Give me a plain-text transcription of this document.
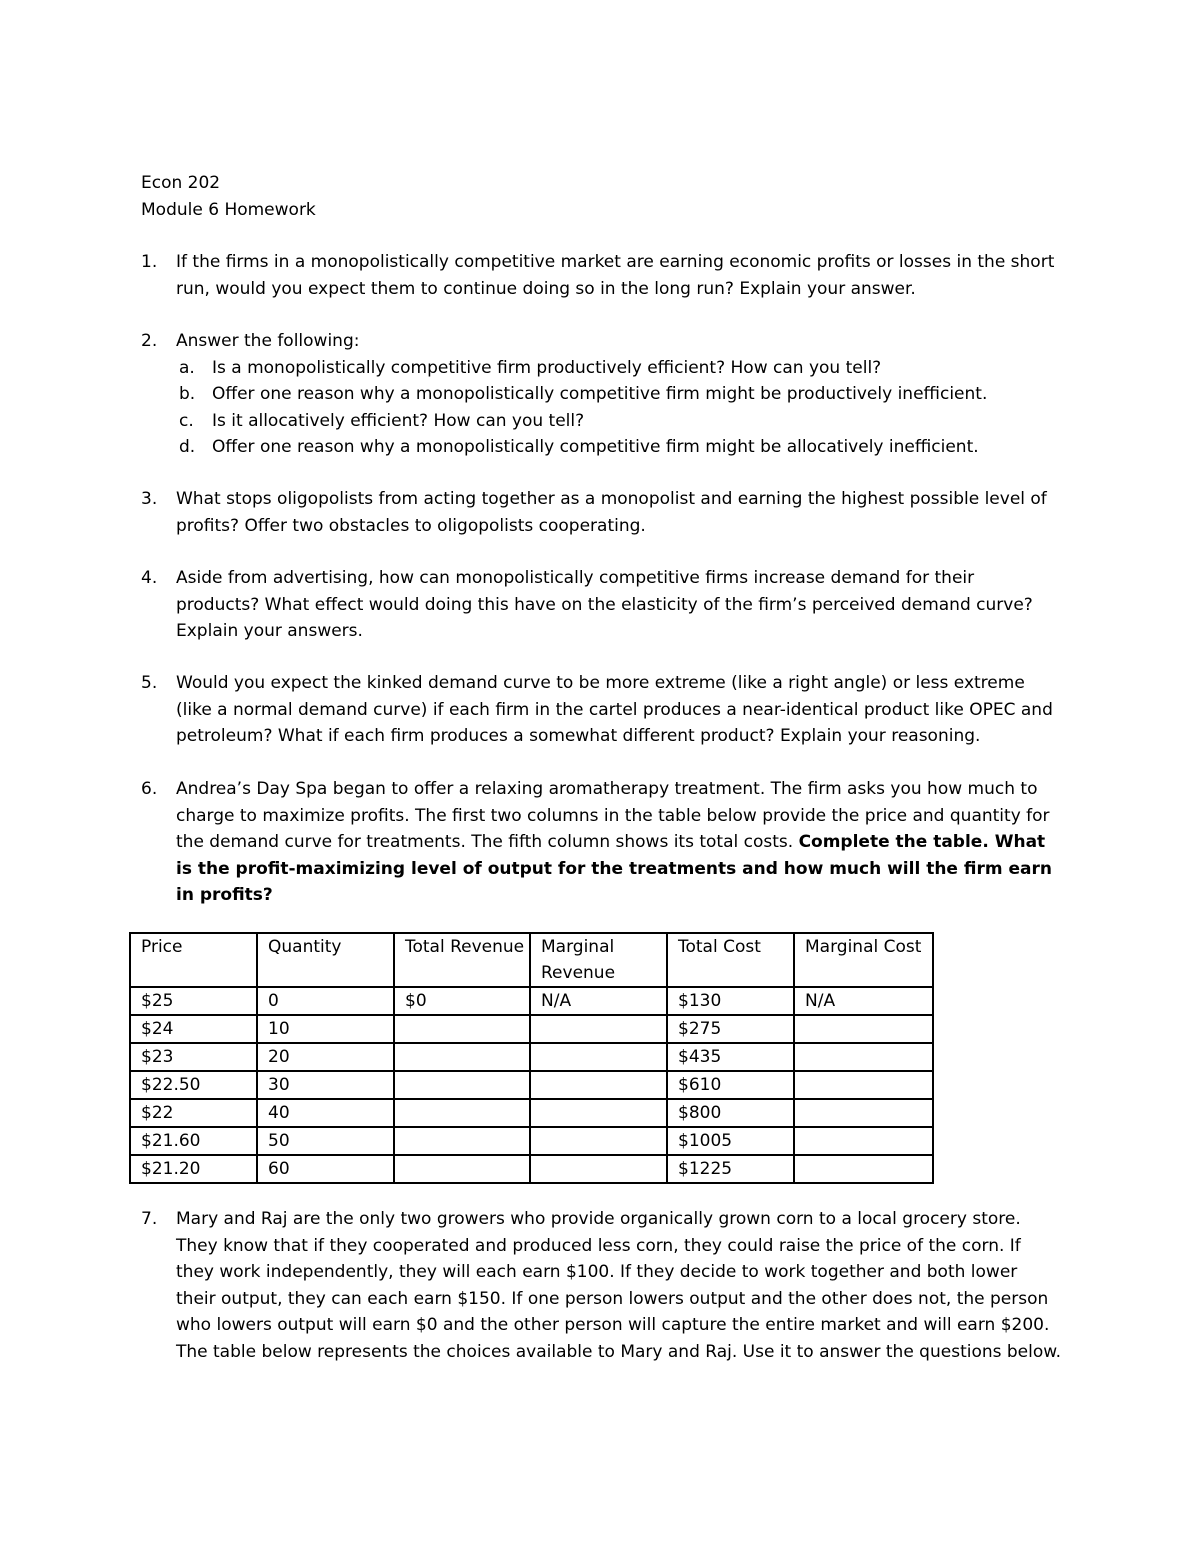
Econ 202
Module 6 Homework
1.	If the firms in a monopolistically competitive market are earning economic profits or losses in the short run, would you expect them to continue doing so in the long run? Explain your answer.
2.	Answer the following:
a. Is a monopolistically competitive firm productively efficient? How can you tell?
b. Offer one reason why a monopolistically competitive firm might be productively inefficient.
c. Is it allocatively efficient? How can you tell?
d. Offer one reason why a monopolistically competitive firm might be allocatively inefficient.
3.	What stops oligopolists from acting together as a monopolist and earning the highest possible level of profits? Offer two obstacles to oligopolists cooperating.
4.	Aside from advertising, how can monopolistically competitive firms increase demand for their products? What effect would doing this have on the elasticity of the firm’s perceived demand curve? Explain your answers.
5.	Would you expect the kinked demand curve to be more extreme (like a right angle) or less extreme (like a normal demand curve) if each firm in the cartel produces a near-identical product like OPEC and petroleum? What if each firm produces a somewhat different product? Explain your reasoning.
6.	Andrea’s Day Spa began to offer a relaxing aromatherapy treatment. The firm asks you how much to charge to maximize profits. The first two columns in the table below provide the price and quantity for the demand curve for treatments. The fifth column shows its total costs. Complete the table. What is the profit-maximizing level of output for the treatments and how much will the firm earn in profits?
Price	Quantity	Total Revenue	Marginal Revenue	Total Cost	Marginal Cost
$25	0	$0	N/A	$130	N/A
$24	10			$275	
$23	20			$435	
$22.50	30			$610	
$22	40			$800	
$21.60	50			$1005	
$21.20	60			$1225	
7.	Mary and Raj are the only two growers who provide organically grown corn to a local grocery store. They know that if they cooperated and produced less corn, they could raise the price of the corn. If they work independently, they will each earn $100. If they decide to work together and both lower their output, they can each earn $150. If one person lowers output and the other does not, the person who lowers output will earn $0 and the other person will capture the entire market and will earn $200. The table below represents the choices available to Mary and Raj. Use it to answer the questions below.
